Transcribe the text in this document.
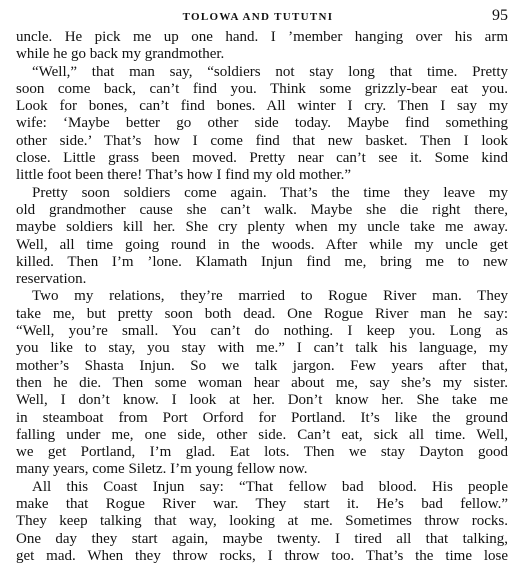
TOLOWA AND TUTUTNI	95
uncle. He pick me up one hand. I ’member hanging over his arm
while he go back my grandmother.
“Well,” that man say, “soldiers not stay long that time. Pretty
soon come back, can’t find you. Think some grizzly-bear eat you.
Look for bones, can’t find bones. All winter I cry. Then I say my
wife: ‘Maybe better go other side today. Maybe find something
other side.’ That’s how I come find that new basket. Then I look
close. Little grass been moved. Pretty near can’t see it. Some kind
little foot been there! That’s how I find my old mother.”
Pretty soon soldiers come again. That’s the time they leave my
old grandmother cause she can’t walk. Maybe she die right there,
maybe soldiers kill her. She cry plenty when my uncle take me away.
Well, all time going round in the woods. After while my uncle get
killed. Then I’m ’lone. Klamath Injun find me, bring me to new
reservation.
Two my relations, they’re married to Rogue River man. They
take me, but pretty soon both dead. One Rogue River man he say:
“Well, you’re small. You can’t do nothing. I keep you. Long as
you like to stay, you stay with me.” I can’t talk his language, my
mother’s Shasta Injun. So we talk jargon. Few years after that,
then he die. Then some woman hear about me, say she’s my sister.
Well, I don’t know. I look at her. Don’t know her. She take me
in steamboat from Port Orford for Portland. It’s like the ground
falling under me, one side, other side. Can’t eat, sick all time. Well,
we get Portland, I’m glad. Eat lots. Then we stay Dayton good
many years, come Siletz. I’m young fellow now.
All this Coast Injun say: “That fellow bad blood. His people
make that Rogue River war. They start it. He’s bad fellow.”
They keep talking that way, looking at me. Sometimes throw rocks.
One day they start again, maybe twenty. I tired all that talking,
get mad. When they throw rocks, I throw too. That’s the time lose
